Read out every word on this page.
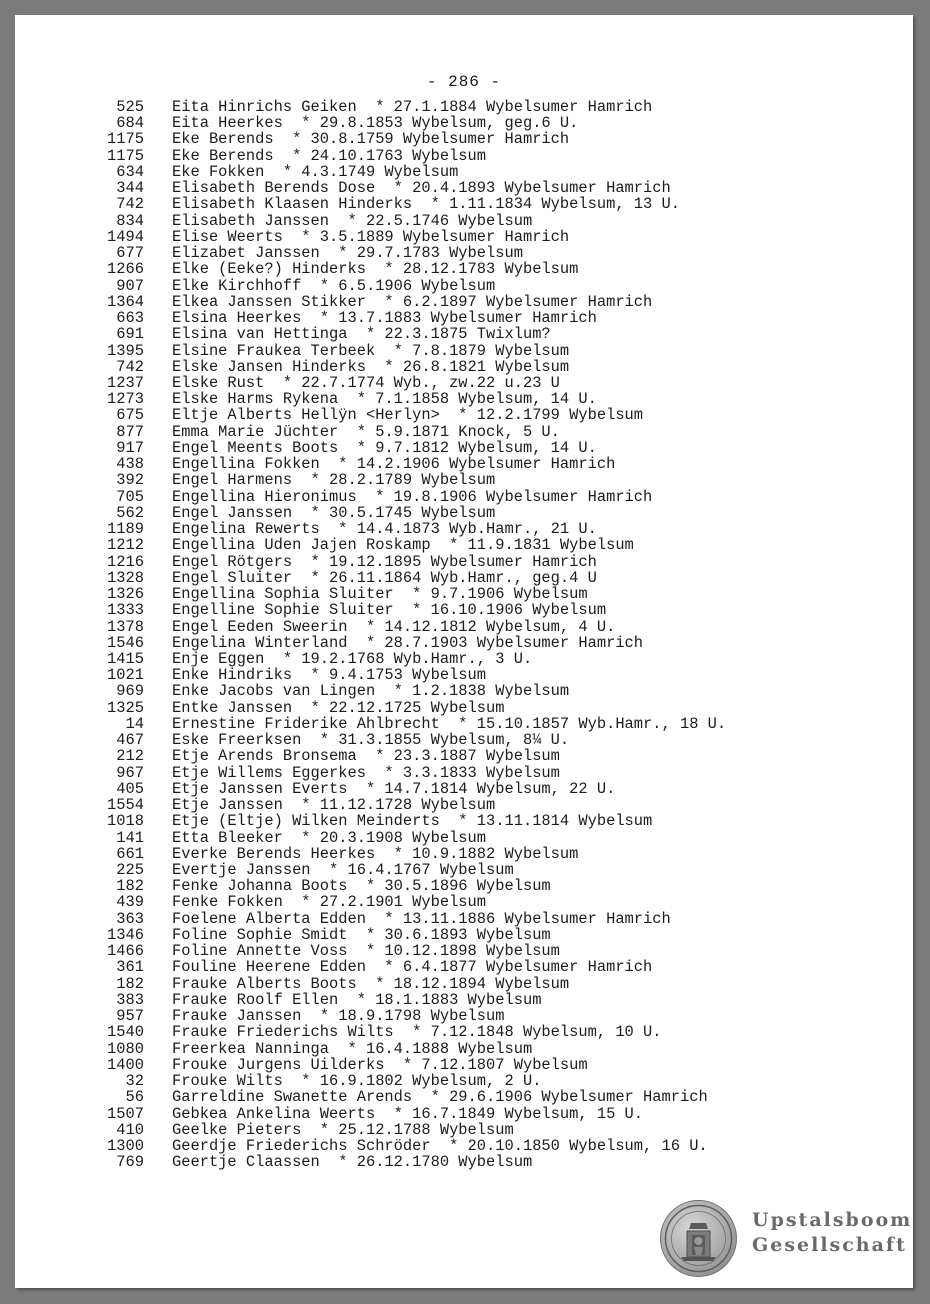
- 286 -
525 Eita Hinrichs Geiken  * 27.1.1884 Wybelsumer Hamrich
684 Eita Heerkes  * 29.8.1853 Wybelsum, geg.6 U.
1175 Eke Berends  * 30.8.1759 Wybelsumer Hamrich
1175 Eke Berends  * 24.10.1763 Wybelsum
634 Eke Fokken  * 4.3.1749 Wybelsum
344 Elisabeth Berends Dose  * 20.4.1893 Wybelsumer Hamrich
742 Elisabeth Klaasen Hinderks  * 1.11.1834 Wybelsum, 13 U.
834 Elisabeth Janssen  * 22.5.1746 Wybelsum
1494 Elise Weerts  * 3.5.1889 Wybelsumer Hamrich
677 Elizabet Janssen  * 29.7.1783 Wybelsum
1266 Elke (Eeke?) Hinderks  * 28.12.1783 Wybelsum
907 Elke Kirchhoff  * 6.5.1906 Wybelsum
1364 Elkea Janssen Stikker  * 6.2.1897 Wybelsumer Hamrich
663 Elsina Heerkes  * 13.7.1883 Wybelsumer Hamrich
691 Elsina van Hettinga  * 22.3.1875 Twixlum?
1395 Elsine Fraukea Terbeek  * 7.8.1879 Wybelsum
742 Elske Jansen Hinderks  * 26.8.1821 Wybelsum
1237 Elske Rust  * 22.7.1774 Wyb., zw.22 u.23 U
1273 Elske Harms Rykena  * 7.1.1858 Wybelsum, 14 U.
675 Eltje Alberts Hellÿn <Herlyn>  * 12.2.1799 Wybelsum
877 Emma Marie Jüchter  * 5.9.1871 Knock, 5 U.
917 Engel Meents Boots  * 9.7.1812 Wybelsum, 14 U.
438 Engellina Fokken  * 14.2.1906 Wybelsumer Hamrich
392 Engel Harmens  * 28.2.1789 Wybelsum
705 Engellina Hieronimus  * 19.8.1906 Wybelsumer Hamrich
562 Engel Janssen  * 30.5.1745 Wybelsum
1189 Engelina Rewerts  * 14.4.1873 Wyb.Hamr., 21 U.
1212 Engellina Uden Jajen Roskamp  * 11.9.1831 Wybelsum
1216 Engel Rötgers  * 19.12.1895 Wybelsumer Hamrich
1328 Engel Sluiter  * 26.11.1864 Wyb.Hamr., geg.4 U
1326 Engellina Sophia Sluiter  * 9.7.1906 Wybelsum
1333 Engelline Sophie Sluiter  * 16.10.1906 Wybelsum
1378 Engel Eeden Sweerin  * 14.12.1812 Wybelsum, 4 U.
1546 Engelina Winterland  * 28.7.1903 Wybelsumer Hamrich
1415 Enje Eggen  * 19.2.1768 Wyb.Hamr., 3 U.
1021 Enke Hindriks  * 9.4.1753 Wybelsum
969 Enke Jacobs van Lingen  * 1.2.1838 Wybelsum
1325 Entke Janssen  * 22.12.1725 Wybelsum
14 Ernestine Friderike Ahlbrecht  * 15.10.1857 Wyb.Hamr., 18 U.
467 Eske Freerksen  * 31.3.1855 Wybelsum, 8¼ U.
212 Etje Arends Bronsema  * 23.3.1887 Wybelsum
967 Etje Willems Eggerkes  * 3.3.1833 Wybelsum
405 Etje Janssen Everts  * 14.7.1814 Wybelsum, 22 U.
1554 Etje Janssen  * 11.12.1728 Wybelsum
1018 Etje (Eltje) Wilken Meinderts  * 13.11.1814 Wybelsum
141 Etta Bleeker  * 20.3.1908 Wybelsum
661 Everke Berends Heerkes  * 10.9.1882 Wybelsum
225 Evertje Janssen  * 16.4.1767 Wybelsum
182 Fenke Johanna Boots  * 30.5.1896 Wybelsum
439 Fenke Fokken  * 27.2.1901 Wybelsum
363 Foelene Alberta Edden  * 13.11.1886 Wybelsumer Hamrich
1346 Foline Sophie Smidt  * 30.6.1893 Wybelsum
1466 Foline Annette Voss  * 10.12.1898 Wybelsum
361 Fouline Heerene Edden  * 6.4.1877 Wybelsumer Hamrich
182 Frauke Alberts Boots  * 18.12.1894 Wybelsum
383 Frauke Roolf Ellen  * 18.1.1883 Wybelsum
957 Frauke Janssen  * 18.9.1798 Wybelsum
1540 Frauke Friederichs Wilts  * 7.12.1848 Wybelsum, 10 U.
1080 Freerkea Nanninga  * 16.4.1888 Wybelsum
1400 Frouke Jurgens Uilderks  * 7.12.1807 Wybelsum
32 Frouke Wilts  * 16.9.1802 Wybelsum, 2 U.
56 Garreldine Swanette Arends  * 29.6.1906 Wybelsumer Hamrich
1507 Gebkea Ankelina Weerts  * 16.7.1849 Wybelsum, 15 U.
410 Geelke Pieters  * 25.12.1788 Wybelsum
1300 Geerdje Friederichs Schröder  * 20.10.1850 Wybelsum, 16 U.
769 Geertje Claassen  * 26.12.1780 Wybelsum
Upstalsboom
Gesellschaft
